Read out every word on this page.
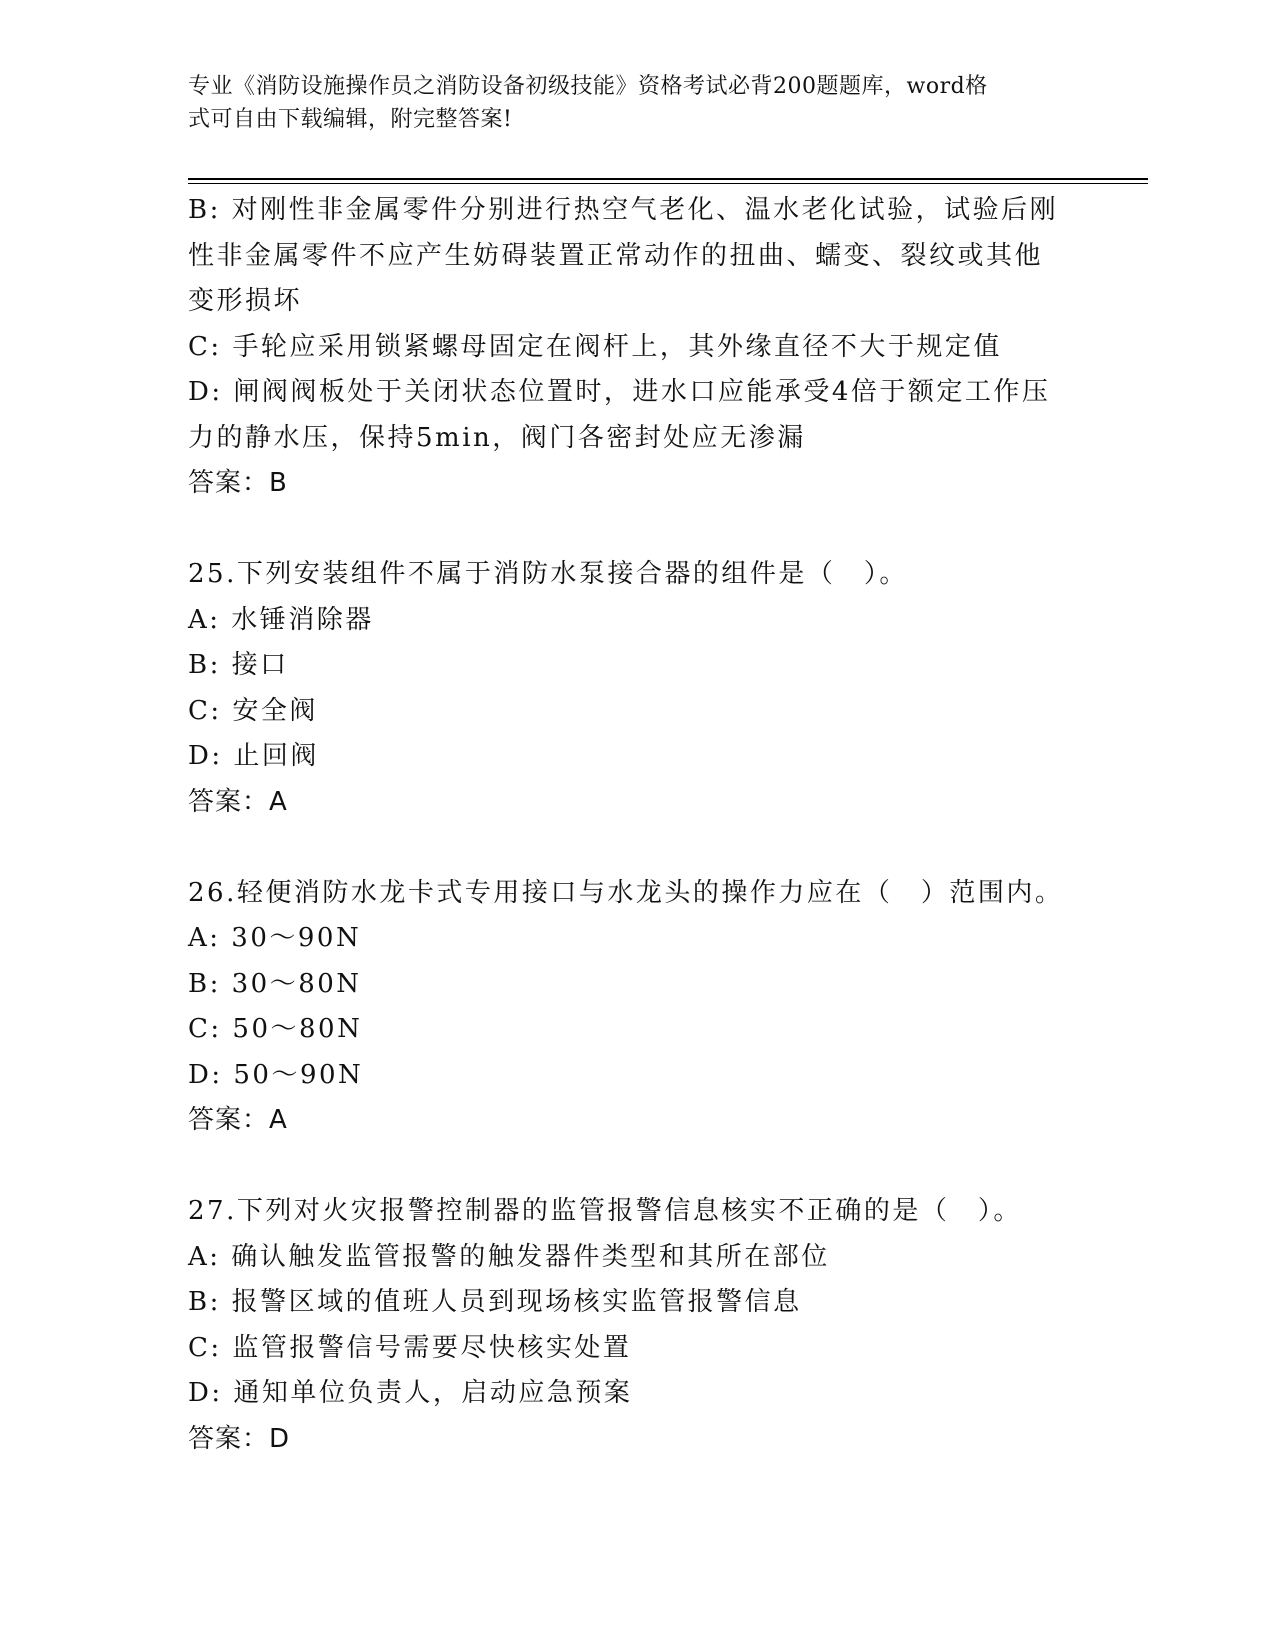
专业《消防设施操作员之消防设备初级技能》资格考试必背200题题库，word格
式可自由下载编辑，附完整答案!
B: 对刚性非金属零件分别进行热空气老化、温水老化试验，试验后刚
性非金属零件不应产生妨碍装置正常动作的扭曲、蠕变、裂纹或其他
变形损坏
C: 手轮应采用锁紧螺母固定在阀杆上，其外缘直径不大于规定值
D: 闸阀阀板处于关闭状态位置时，进水口应能承受4倍于额定工作压
力的静水压，保持5min，阀门各密封处应无渗漏
答案：B
25.下列安装组件不属于消防水泵接合器的组件是（　）。
A: 水锤消除器
B: 接口
C: 安全阀
D: 止回阀
答案：A
26.轻便消防水龙卡式专用接口与水龙头的操作力应在（　）范围内。
A: 30～90N
B: 30～80N
C: 50～80N
D: 50～90N
答案：A
27.下列对火灾报警控制器的监管报警信息核实不正确的是（　）。
A: 确认触发监管报警的触发器件类型和其所在部位
B: 报警区域的值班人员到现场核实监管报警信息
C: 监管报警信号需要尽快核实处置
D: 通知单位负责人，启动应急预案
答案：D
